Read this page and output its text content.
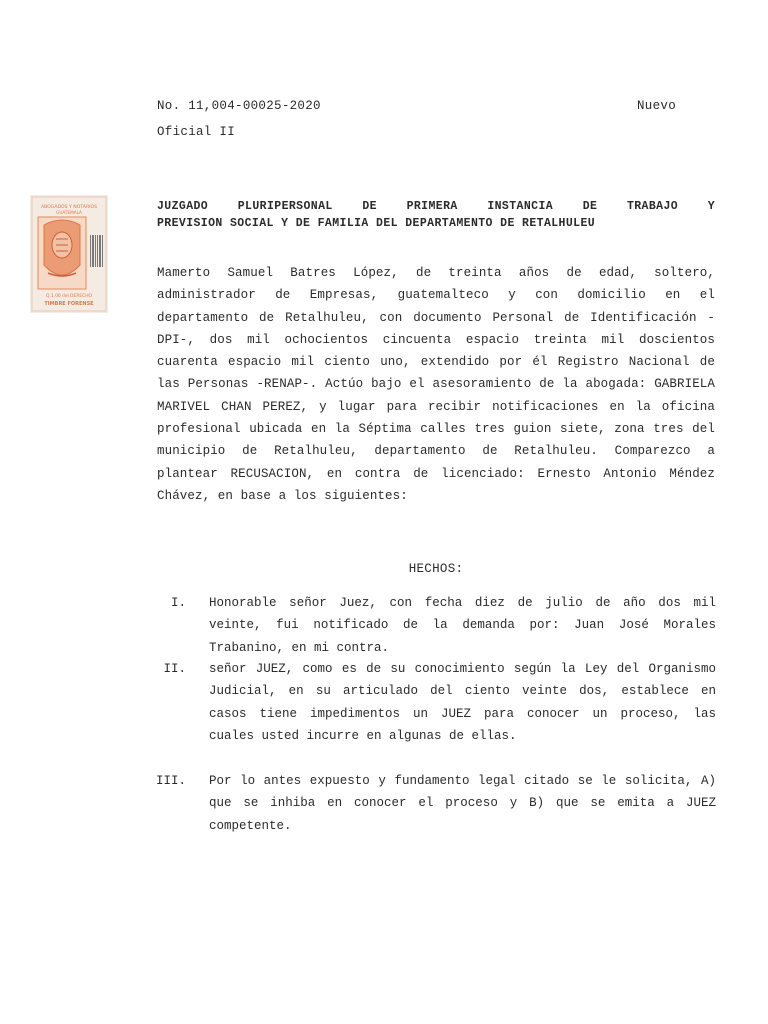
No. 11,004-00025-2020	Nuevo
Oficial II
ABOGADOS Y NOTARIOS
GUATEMALA
Q.1.00 del DERECHO
TIMBRE FORENSE
JUZGADO PLURIPERSONAL DE PRIMERA INSTANCIA DE TRABAJO Y
PREVISION SOCIAL Y DE FAMILIA DEL DEPARTAMENTO DE RETALHULEU
Mamerto Samuel Batres López, de treinta años de edad, soltero, administrador de Empresas, guatemalteco y con domicilio en el departamento de Retalhuleu, con documento Personal de Identificación -DPI-, dos mil ochocientos cincuenta espacio treinta mil doscientos cuarenta espacio mil ciento uno, extendido por él Registro Nacional de las Personas -RENAP-. Actúo bajo el asesoramiento de la abogada: GABRIELA MARIVEL CHAN PEREZ, y lugar para recibir notificaciones en la oficina profesional ubicada en la Séptima calles tres guion siete, zona tres del municipio de Retalhuleu, departamento de Retalhuleu. Comparezco a plantear RECUSACION, en contra de licenciado: Ernesto Antonio Méndez Chávez, en base a los siguientes:
HECHOS:
I. Honorable señor Juez, con fecha diez de julio de año dos mil veinte, fui notificado de la demanda por: Juan José Morales Trabanino, en mi contra.
II. señor JUEZ, como es de su conocimiento según la Ley del Organismo Judicial, en su articulado del ciento veinte dos, establece en casos tiene impedimentos un JUEZ para conocer un proceso, las cuales usted incurre en algunas de ellas.
III. Por lo antes expuesto y fundamento legal citado se le solicita, A) que se inhiba en conocer el proceso y B) que se emita a JUEZ competente.
